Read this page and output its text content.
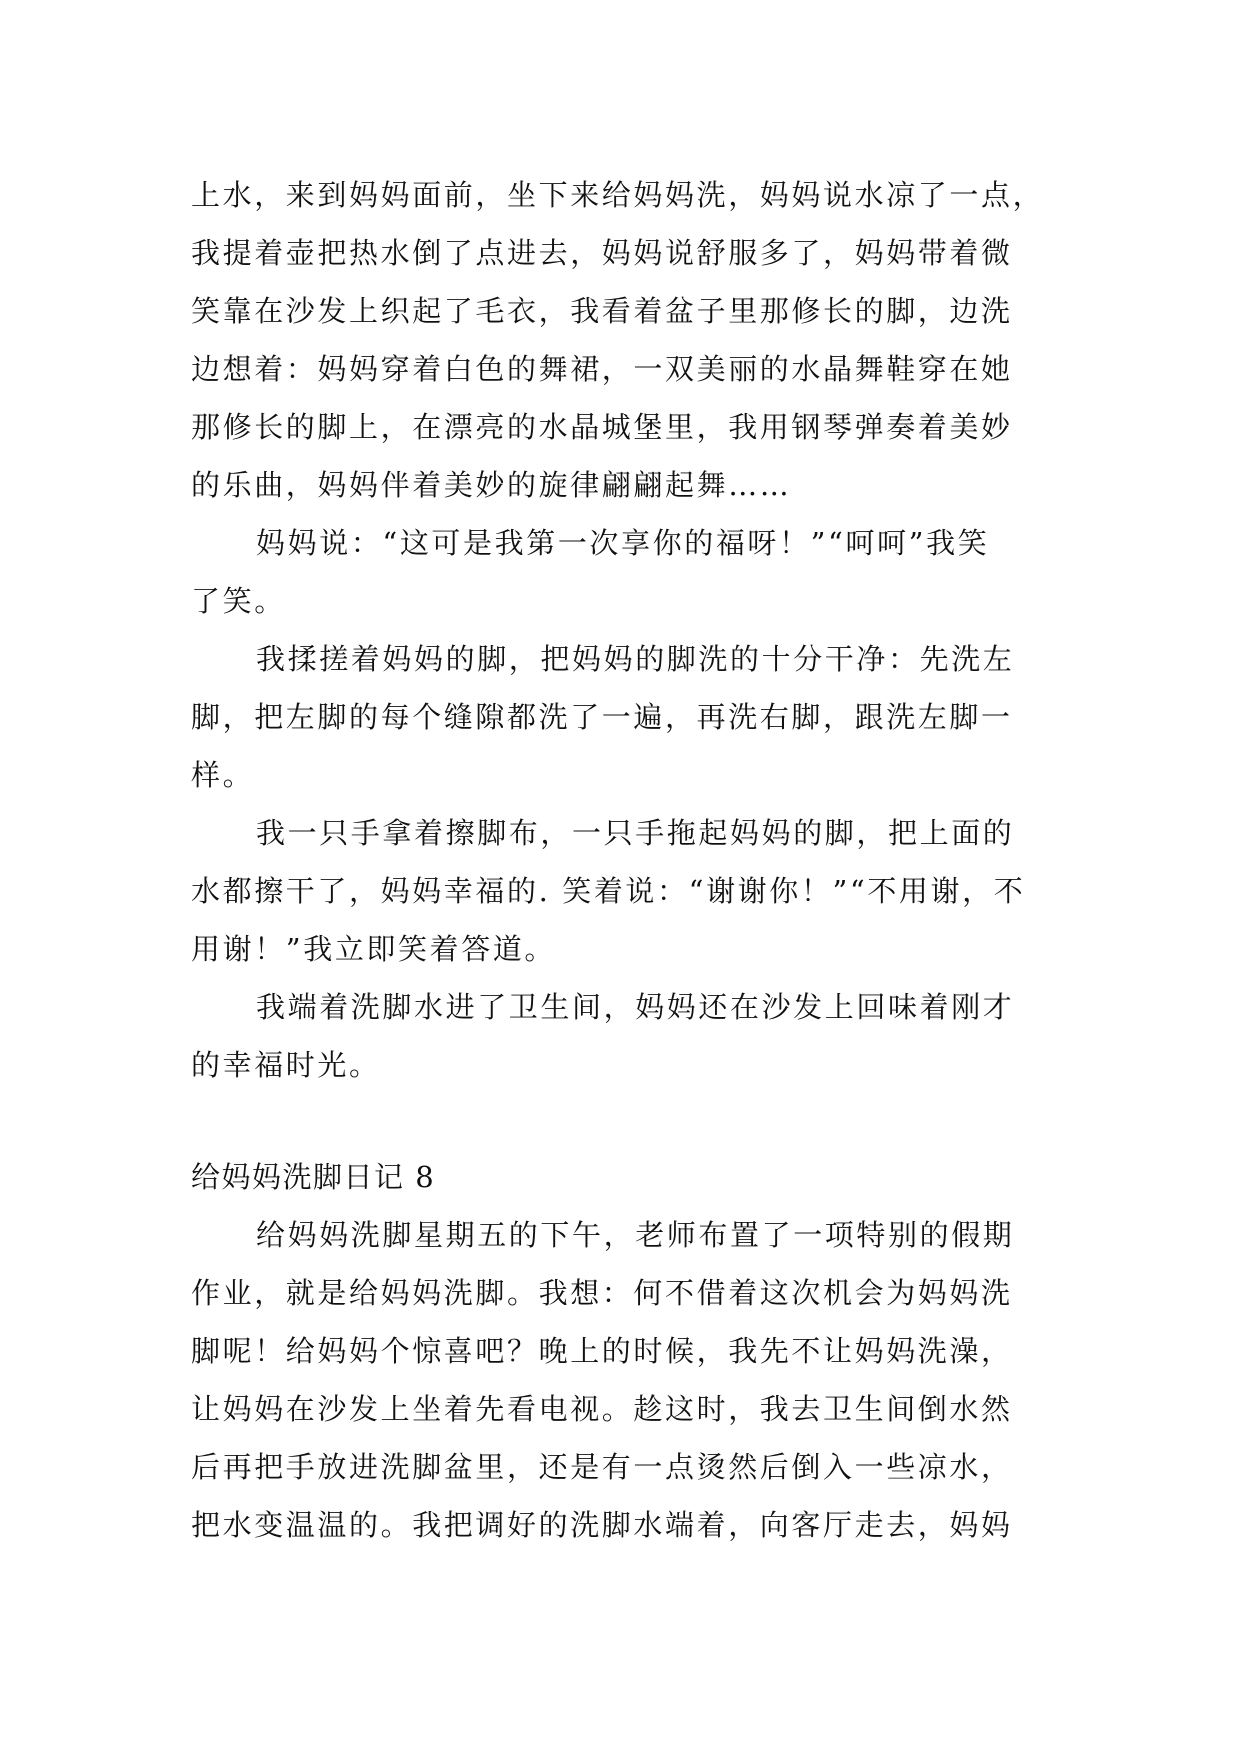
上水，来到妈妈面前，坐下来给妈妈洗，妈妈说水凉了一点，
我提着壶把热水倒了点进去，妈妈说舒服多了，妈妈带着微
笑靠在沙发上织起了毛衣，我看着盆子里那修长的脚，边洗
边想着：妈妈穿着白色的舞裙，一双美丽的水晶舞鞋穿在她
那修长的脚上，在漂亮的水晶城堡里，我用钢琴弹奏着美妙
的乐曲，妈妈伴着美妙的旋律翩翩起舞……
妈妈说：“这可是我第一次享你的福呀！”“呵呵”我笑
了笑。
我揉搓着妈妈的脚，把妈妈的脚洗的十分干净：先洗左
脚，把左脚的每个缝隙都洗了一遍，再洗右脚，跟洗左脚一
样。
我一只手拿着擦脚布，一只手拖起妈妈的脚，把上面的
水都擦干了，妈妈幸福的. 笑着说：“谢谢你！”“不用谢，不
用谢！”我立即笑着答道。
我端着洗脚水进了卫生间，妈妈还在沙发上回味着刚才
的幸福时光。
给妈妈洗脚日记 8
给妈妈洗脚星期五的下午，老师布置了一项特别的假期
作业，就是给妈妈洗脚。我想：何不借着这次机会为妈妈洗
脚呢！给妈妈个惊喜吧？晚上的时候，我先不让妈妈洗澡，
让妈妈在沙发上坐着先看电视。趁这时，我去卫生间倒水然
后再把手放进洗脚盆里，还是有一点烫然后倒入一些凉水，
把水变温温的。我把调好的洗脚水端着，向客厅走去，妈妈
